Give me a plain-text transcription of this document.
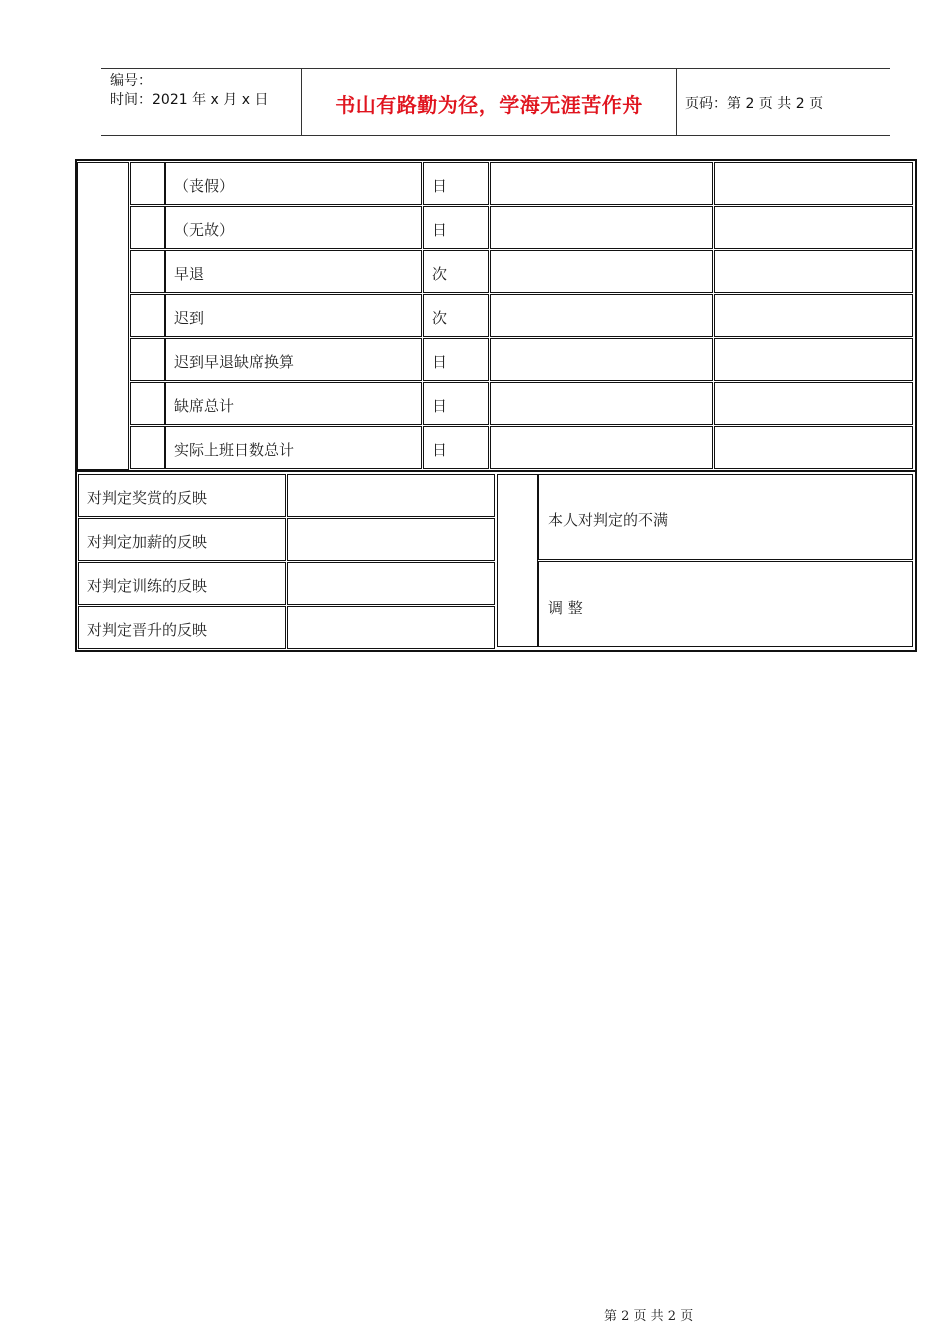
编号：
时间：2021 年 x 月 x 日	书山有路勤为径，学海无涯苦作舟	页码：第 2 页 共 2 页
（丧假）	日
（无故）	日
早退	次
迟到	次
迟到早退缺席换算	日
缺席总计	日
实际上班日数总计	日
对判定奖赏的反映
对判定加薪的反映
对判定训练的反映
对判定晋升的反映
本人对判定的不满
调 整
第 2 页 共 2 页
